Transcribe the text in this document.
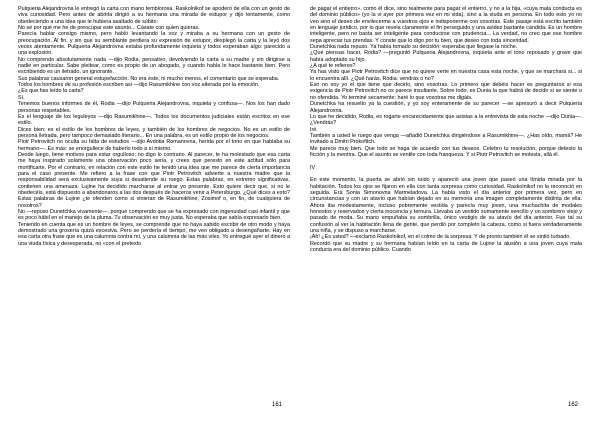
Pulqueria Alejandrovna le entregó la carta con mano temblorosa. Raskolnikof se apoderó de ella con un gesto de viva curiosidad. Pero antes de abrirla dirigió a su hermana una mirada de estupor y dijo lentamente, como obedeciendo a una idea que le hubiera asaltado de súbito:

No sé por qué me he de preocupar este asunto... Cásate con quien quieras.

Parecía hablar consigo mismo, pero habló levantando la voz y miraba a su hermana con un gesto de preocupación. Al fin, y sin que su semblante perdiera su expresión de estupor, desplegó la carta y la leyó dos veces atentamente. Pulqueria Alejandrovna estaba profundamente inquieta y todos esperaban algo: parecido a una explosión.

No comprendo absolutamente nada —dijo Rodia, pensativo, devolviendo la carta a su madre y sin dirigirse a nadie en particular. Sabe pleitear, como es propio de un abogado, y cuando habla le hace bastante bien. Pero escribiendo es un iletrado, un ignorante.

Sus palabras causaron general estupefacción. No era éste, ni mucho menos, el comentario que se esperaba.

Todos los hombres de su profesión escriben así —dijo Rasumikhine con voz alterada por la emoción.

¿Es que has leído la carta?

Sí.

Tenemos buenos informes de él, Rodia —dijo Pulqueria Alejandrovna, inquieta y confusa—. Nos los han dado personas respetables.

Es el lenguaje de los leguleyos —dijo Rasumikhine—. Todos los documentos judiciales están escritos en ese estilo.

Dices bien: es el estilo de los hombres de leyes, y también de los hombres de negocios. No es un estilo de persona iletrada, pero tampoco demasiado literario... En una palabra, es un estilo propio de los negocios.

Piotr Petrovitch no oculta su falta de estudios —dijo Avdotia Romanovna, herida por el tono en que hablaba su hermano—. Es más: se enorgullece de haberlo todo a sí mismo.

Desde luego, tiene motivos para estar orgulloso; no digo lo contrario. Al parecer, te ha molestado que esa carta me haya inspirado solamente una observación poco seria, y crees que peresto en este actitud sólo para mortificarte. Por el contrario, en relación con este estilo he tenido una idea que me parece de cierta importancia para el caso presente. Me refiero a la frase con que Piotr Petrovitch advierte a nuestra madre que la responsabilidad será exclusivamente suya si desatiende su ruego. Estas palabras, en extremo significativas, contienen una amenaza: Lujine ha decidido marcharse al entrar yo presente. Esto quiere decir que, si no le obedecéis, está dispuesto a abandonaros a las dos después de haceros venir a Petersburgo. ¿Qué dices a esto? Estas palabras de Lujine ¿te ofenden como si vinieran de Rasumikhine, Zosimof o, en fin, de cualquiera de nosotros?

No —repuso Dunetchka vivamente—, porque comprendo que se ha expresado con ingenuidad casi infantil y que es poco hábil en el manejo de la pluma. Tu observación es muy justa. No esperaba que sabía expresarlo bien.

Teniendo en cuenta que es un hombre de leyes, se comprende que no haya sabido escribir de otro modo y haya demostrado una grosería quizá excesiva. Pero se perdería el tiempo, me veo obligado a desengañarte. Hay en esa carta otra frase que es una calumnia contra mí, y una calumnia de las más viles. Yo entregué ayer el dinero a una viuda tísica y desesperada, no «con el pretexto

161

de pagar el entierro», como él dice, sino realmente para pagar el entierro, y no a la hija, «cuya mala conducta es del dominio público» (yo la vi ayer por primera vez en mi vida), sino a la viuda en persona. En todo esto yo no veo sino el deseo de envilecerme a vuestros ojos e indisponerme con vosotras. Este pasaje está escrito también en lenguaje jurídico, por lo que revela claramente el fin perseguido y una avidez bastante cándida. Es un hombre inteligente, pero no basta ser inteligente para conducirse con prudencia... La verdad, no creo que ese hombre sepa apreciar tus prendas. Y conste que lo digo por tu bien, que deseo con toda sinceridad.

Dunetchka nada repuso. Ya había tomado su decisión: esperaba que llegase la noche.

¿Qué piensas hacer, Rodia? —preguntó Pulqueria Alejandrovna, inquieta ante el tono reposado y grave que había adoptado su hijo.

¿A qué te refieres?

Ya has visto que Piotr Petrovitch dice que no quiere verte en nuestra casa esta noche, y que se marchará si... si lo encuentra allí. ¿Qué harás, Rodia: vendrás o no?

Eso no soy yo el que tiene que decirlo, sino vosotras. Lo primero que debéis hacer es preguntaros si esa exigencia de Piotr Petrovitch no os parece insultante. Sobre todo, es Dunia la que habrá de decidir si se siente o no ofendida. Yo terminé secamente: haré lo que vosotras me digáis.

Dunetchka ha resuelto ya la cuestión, y yo soy enteramente de su parecer —se apresuró a decir Pulqueria Alejandrovna.

Lo que he decidido, Rodia, es rogarte encarecidamente que asistas a la entrevista de esta noche —dijo Dunia—. ¿Vendrás?

Iré.

También a usted le ruego que venga —añadió Dunetchka dirigiéndose a Rasumikhine—. ¿Has oído, mamá? He invitado a Dmitri Prokofitch.

Me parece muy bien. Que todo se haga de acuerdo con tus deseos. Celebro tu resolución, porque detesto la ficción y la mentira. Que el asunto se ventile con toda franqueza. Y si Piotr Petrovitch se molesta, allá él.

IV

En este momento, la puerta se abrió sin ruido y apareció una joven que paseó una tímida mirada por la habitación. Todos los ojos se fijaron en ella con tanta sorpresa como curiosidad. Raskolnikof no la reconoció en seguida. Era Sonia Simonovna Marmeladova. La había visto el día anterior por primera vez, pero en circunstancias y con un atavío que habían dejado en su memoria una imagen completamente distinta de ella. Ahora iba modestamente, incluso pobremente vestida y parecía muy joven, una muchachita de modales honestos y reservados y cierta inocencia y ternura. Llevaba un vestido sumamente sencillo y un sombrero viejo y pasado de moda. Su mano empuñaba su sombrilla, único vestigio de su atavío del día anterior. Fue tal su confusión al ver la habitación llena de gente, que perdió por completo la cabeza, como si fuera verdaderamente una niña, y se dispuso a marcharse.

¡Ah! ¿Es usted? —exclamó Raskolnikof, en el colmo de la sorpresa. Y de pronto también él se sintió turbado.

Recordó que su madre y su hermana habían leído en la carta de Lujine la alusión a una joven cuya mala conducta era del dominio público. Cuando

162
